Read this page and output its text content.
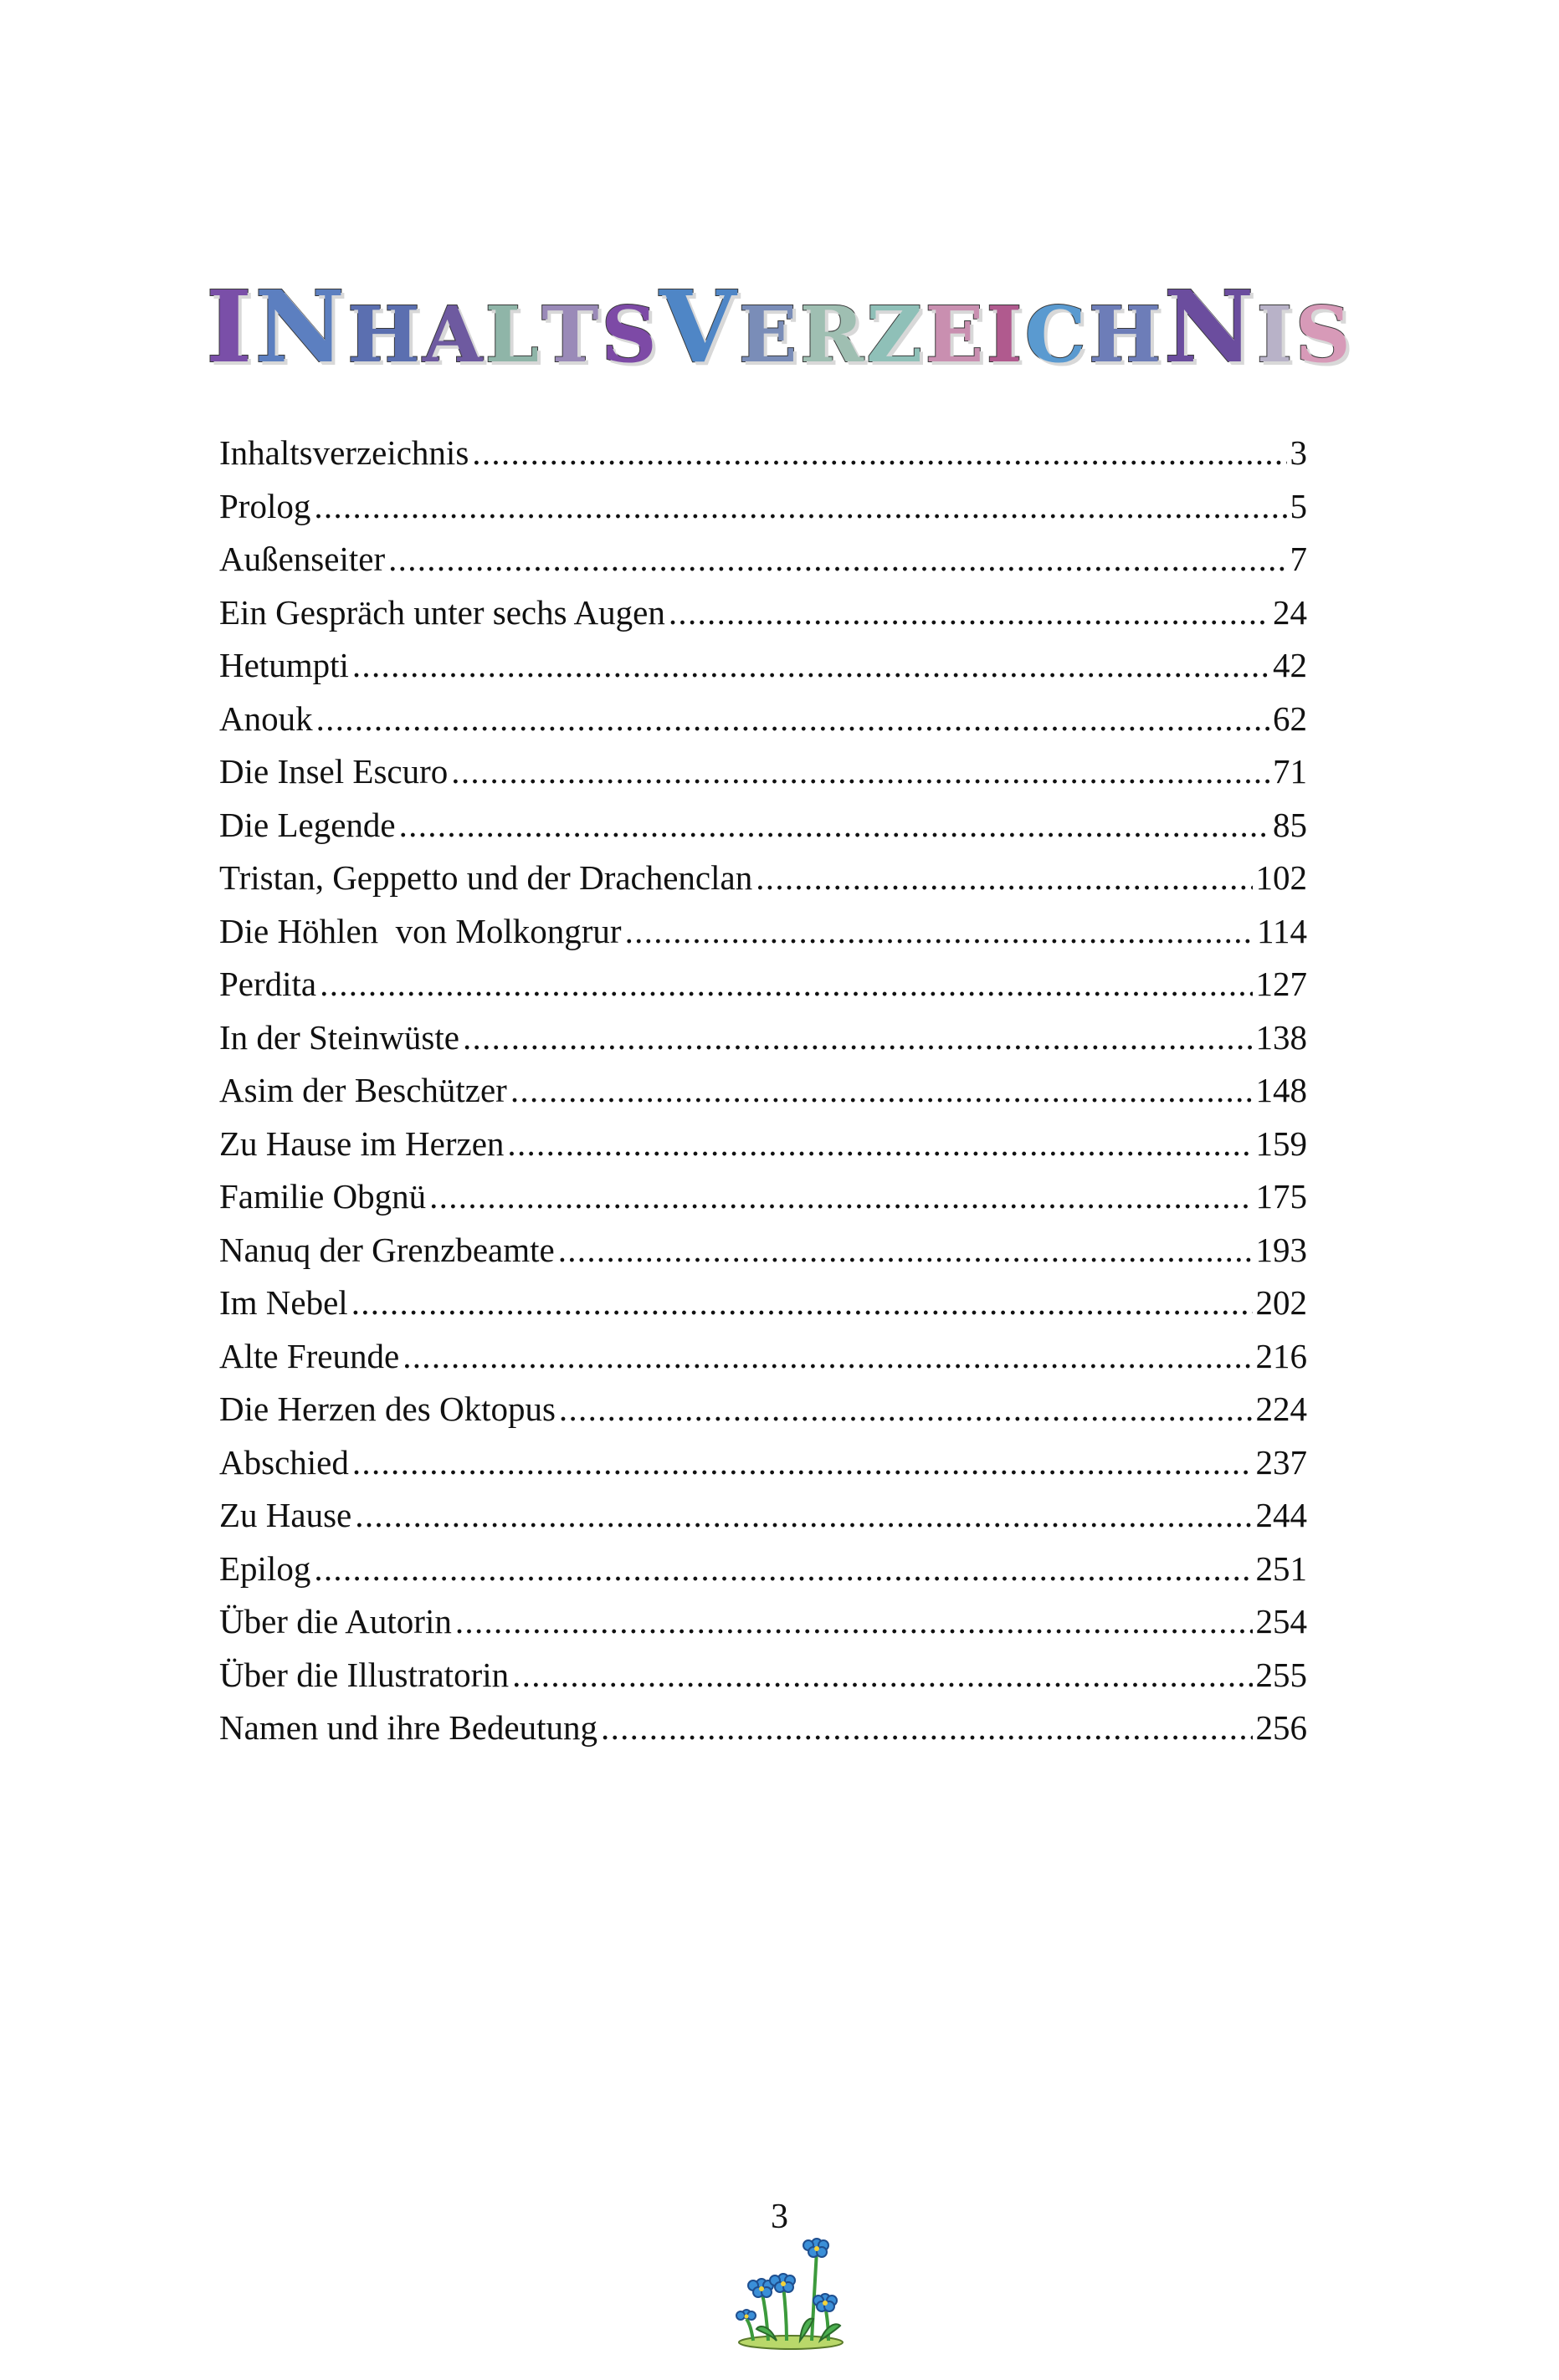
INHALTSVERZEICHNIS
Inhaltsverzeichnis .....	3
Prolog .....	5
Außenseiter .....	7
Ein Gespräch unter sechs Augen .....	24
Hetumpti .....	42
Anouk .....	62
Die Insel Escuro .....	71
Die Legende .....	85
Tristan, Geppetto und der Drachenclan .....	102
Die Höhlen  von Molkongrur .....	114
Perdita .....	127
In der Steinwüste .....	138
Asim der Beschützer .....	148
Zu Hause im Herzen .....	159
Familie Obgnü .....	175
Nanuq der Grenzbeamte .....	193
Im Nebel .....	202
Alte Freunde .....	216
Die Herzen des Oktopus .....	224
Abschied .....	237
Zu Hause .....	244
Epilog .....	251
Über die Autorin .....	254
Über die Illustratorin .....	255
Namen und ihre Bedeutung .....	256
3
